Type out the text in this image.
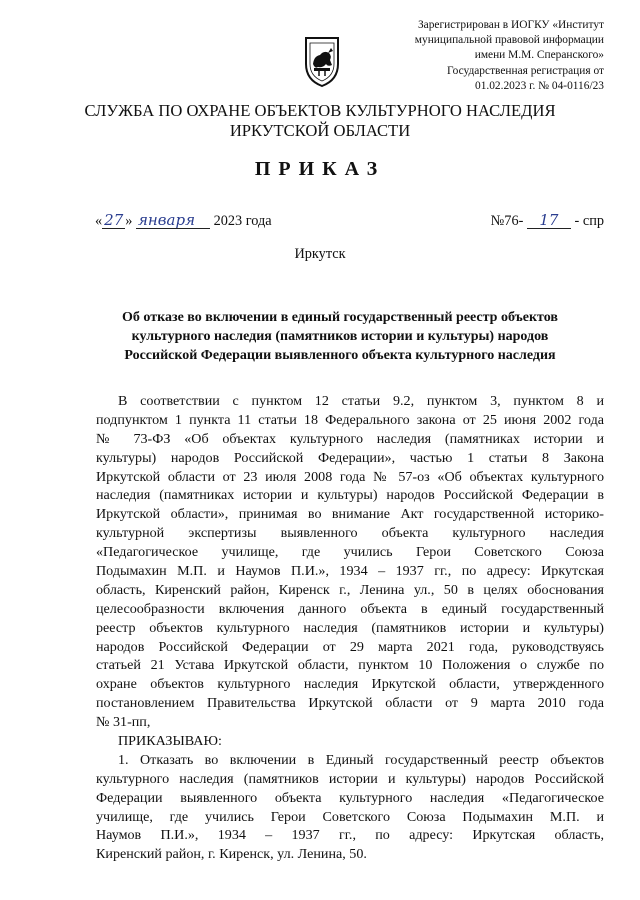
Зарегистрирован в ИОГКУ «Институт
муниципальной правовой информации
имени М.М. Сперанского»
Государственная регистрация от
01.02.2023 г. № 04-0116/23
СЛУЖБА ПО ОХРАНЕ ОБЪЕКТОВ КУЛЬТУРНОГО НАСЛЕДИЯ
ИРКУТСКОЙ ОБЛАСТИ
ПРИКАЗ
« 27 » января 2023 года	№76- 17 - спр
Иркутск
Об отказе во включении в единый государственный реестр объектов
культурного наследия (памятников истории и культуры) народов
Российской Федерации выявленного объекта культурного наследия
В соответствии с пунктом 12 статьи 9.2, пунктом 3, пунктом 8 и
подпунктом 1 пункта 11 статьи 18 Федерального закона от 25 июня 2002 года
№ 73-ФЗ «Об объектах культурного наследия (памятниках истории и
культуры) народов Российской Федерации», частью 1 статьи 8 Закона
Иркутской области от 23 июля 2008 года № 57-оз «Об объектах культурного
наследия (памятниках истории и культуры) народов Российской Федерации в
Иркутской области», принимая во внимание Акт государственной историко-
культурной экспертизы выявленного объекта культурного наследия
«Педагогическое училище, где учились Герои Советского Союза
Подымахин М.П. и Наумов П.И.», 1934 – 1937 гг., по адресу: Иркутская
область, Киренский район, Киренск г., Ленина ул., 50 в целях обоснования
целесообразности включения данного объекта в единый государственный
реестр объектов культурного наследия (памятников истории и культуры)
народов Российской Федерации от 29 марта 2021 года, руководствуясь
статьей 21 Устава Иркутской области, пунктом 10 Положения о службе по
охране объектов культурного наследия Иркутской области, утвержденного
постановлением Правительства Иркутской области от 9 марта 2010 года
№ 31-пп,
ПРИКАЗЫВАЮ:
1. Отказать во включении в Единый государственный реестр объектов
культурного наследия (памятников истории и культуры) народов Российской
Федерации выявленного объекта культурного наследия «Педагогическое
училище, где учились Герои Советского Союза Подымахин М.П. и
Наумов П.И.», 1934 – 1937 гг., по адресу: Иркутская область,
Киренский район, г. Киренск, ул. Ленина, 50.
